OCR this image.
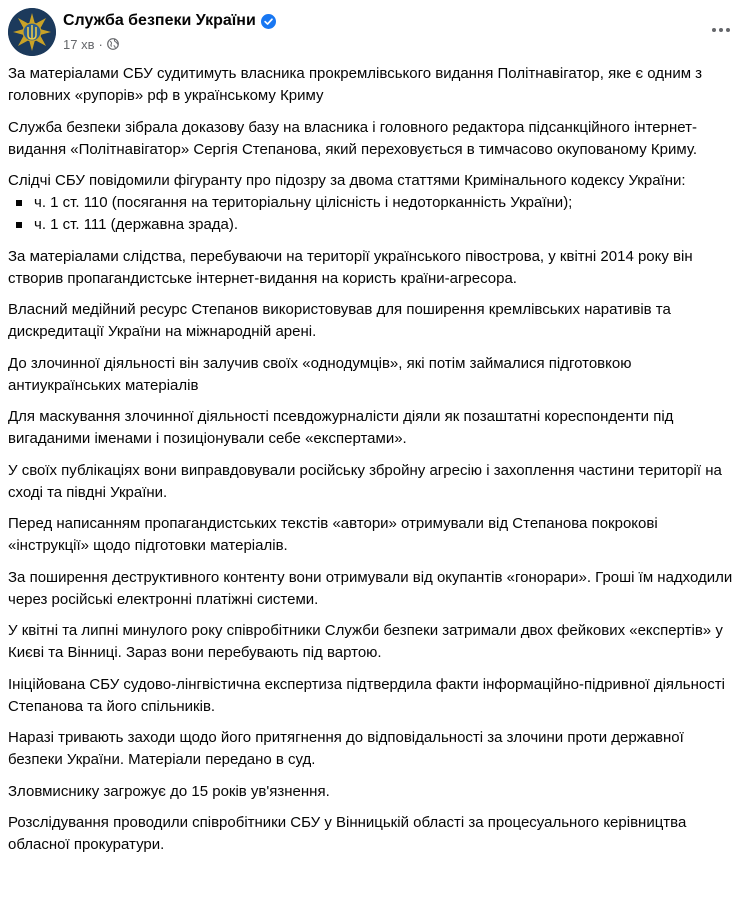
Служба безпеки України
17 хв ·

За матеріалами СБУ судитимуть власника прокремлівського видання Політнавігатор, яке є одним з головних «рупорів» рф в українському Криму

Служба безпеки зібрала доказову базу на власника і головного редактора підсанкційного інтернет-видання «Політнавігатор» Сергія Степанова, який переховується в тимчасово окупованому Криму.

Слідчі СБУ повідомили фігуранту про підозру за двома статтями Кримінального кодексу України:

ч. 1 ст. 110 (посягання на територіальну цілісність і недоторканність України);
ч. 1 ст. 111 (державна зрада).

За матеріалами слідства, перебуваючи на території українського півострова, у квітні 2014 року він створив пропагандистське інтернет-видання на користь країни-агресора.

Власний медійний ресурс Степанов використовував для поширення кремлівських наративів та дискредитації України на міжнародній арені.

До злочинної діяльності він залучив своїх «однодумців», які потім займалися підготовкою антиукраїнських матеріалів

Для маскування злочинної діяльності псевдожурналісти діяли як позаштатні кореспонденти під вигаданими іменами і позиціонували себе «експертами».

У своїх публікаціях вони виправдовували російську збройну агресію і захоплення частини території на сході та півдні України.

Перед написанням пропагандистських текстів «автори» отримували від Степанова покрокові «інструкції» щодо підготовки матеріалів.

За поширення деструктивного контенту вони отримували від окупантів «гонорари». Гроші їм надходили через російські електронні платіжні системи.

У квітні та липні минулого року співробітники Служби безпеки затримали двох фейкових «експертів» у Києві та Вінниці. Зараз вони перебувають під вартою.

Ініційована СБУ судово-лінгвістична експертиза підтвердила факти інформаційно-підривної діяльності Степанова та його спільників.

Наразі тривають заходи щодо його притягнення до відповідальності за злочини проти державної безпеки України. Матеріали передано в суд.

Зловмиснику загрожує до 15 років ув'язнення.

Розслідування проводили співробітники СБУ у Вінницькій області за процесуального керівництва обласної прокуратури.
